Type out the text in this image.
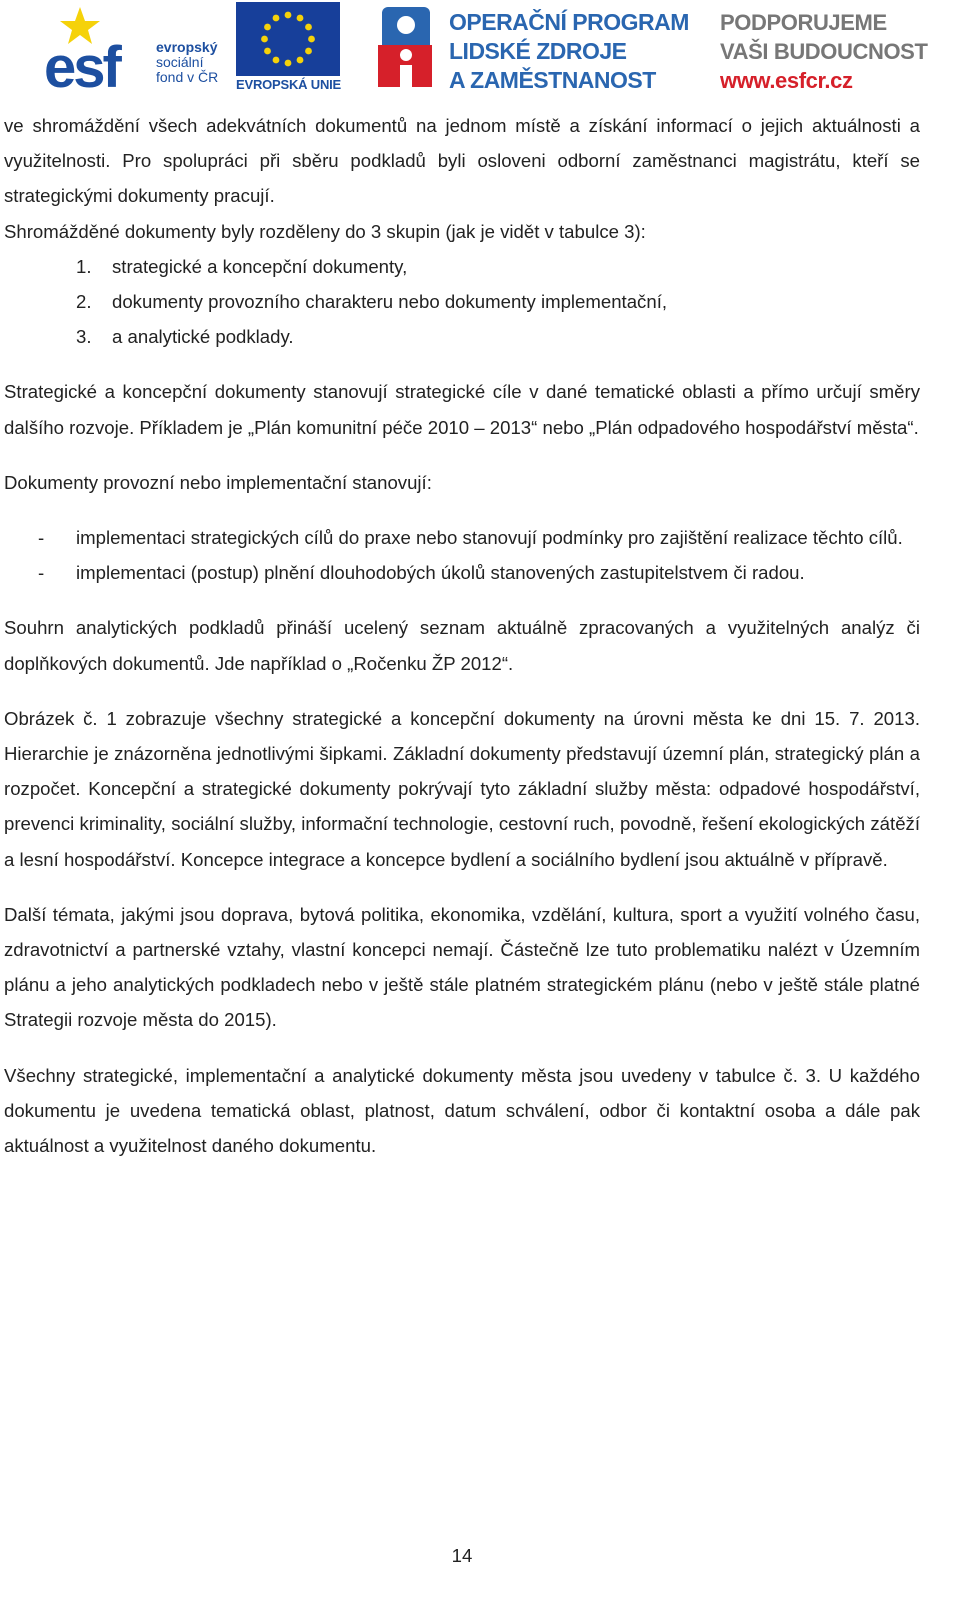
esf	evropský
sociální
fond v ČR EVROPSKÁ UNIE
OPERAČNÍ PROGRAM
LIDSKÉ ZDROJE
A ZAMĚSTNANOST
PODPORUJEME
VAŠI BUDOUCNOST
www.esfcr.cz

ve shromáždění všech adekvátních dokumentů na jednom místě a získání informací o jejich aktuálnosti a využitelnosti. Pro spolupráci při sběru podkladů byli osloveni odborní zaměstnanci magistrátu, kteří se strategickými dokumenty pracují.

Shromážděné dokumenty byly rozděleny do 3 skupin (jak je vidět v tabulce 3):

1. strategické a koncepční dokumenty,
2. dokumenty provozního charakteru nebo dokumenty implementační,
3. a analytické podklady.

Strategické a koncepční dokumenty stanovují strategické cíle v dané tematické oblasti a přímo určují směry dalšího rozvoje. Příkladem je „Plán komunitní péče 2010 – 2013“ nebo „Plán odpadového hospodářství města“.

Dokumenty provozní nebo implementační stanovují:

- implementaci strategických cílů do praxe nebo stanovují podmínky pro zajištění realizace těchto cílů.
- implementaci (postup) plnění dlouhodobých úkolů stanovených zastupitelstvem či radou.

Souhrn analytických podkladů přináší ucelený seznam aktuálně zpracovaných a využitelných analýz či doplňkových dokumentů. Jde například o „Ročenku ŽP 2012“.

Obrázek č. 1 zobrazuje všechny strategické a koncepční dokumenty na úrovni města ke dni 15. 7. 2013. Hierarchie je znázorněna jednotlivými šipkami. Základní dokumenty představují územní plán, strategický plán a rozpočet. Koncepční a strategické dokumenty pokrývají tyto základní služby města: odpadové hospodářství, prevenci kriminality, sociální služby, informační technologie, cestovní ruch, povodně, řešení ekologických zátěží a lesní hospodářství. Koncepce integrace a koncepce bydlení a sociálního bydlení jsou aktuálně v přípravě.

Další témata, jakými jsou doprava, bytová politika, ekonomika, vzdělání, kultura, sport a využití volného času, zdravotnictví a partnerské vztahy, vlastní koncepci nemají. Částečně lze tuto problematiku nalézt v Územním plánu a jeho analytických podkladech nebo v ještě stále platném strategickém plánu (nebo v ještě stále platné Strategii rozvoje města do 2015).

Všechny strategické, implementační a analytické dokumenty města jsou uvedeny v tabulce č. 3. U každého dokumentu je uvedena tematická oblast, platnost, datum schválení, odbor či kontaktní osoba a dále pak aktuálnost a využitelnost daného dokumentu.

14
